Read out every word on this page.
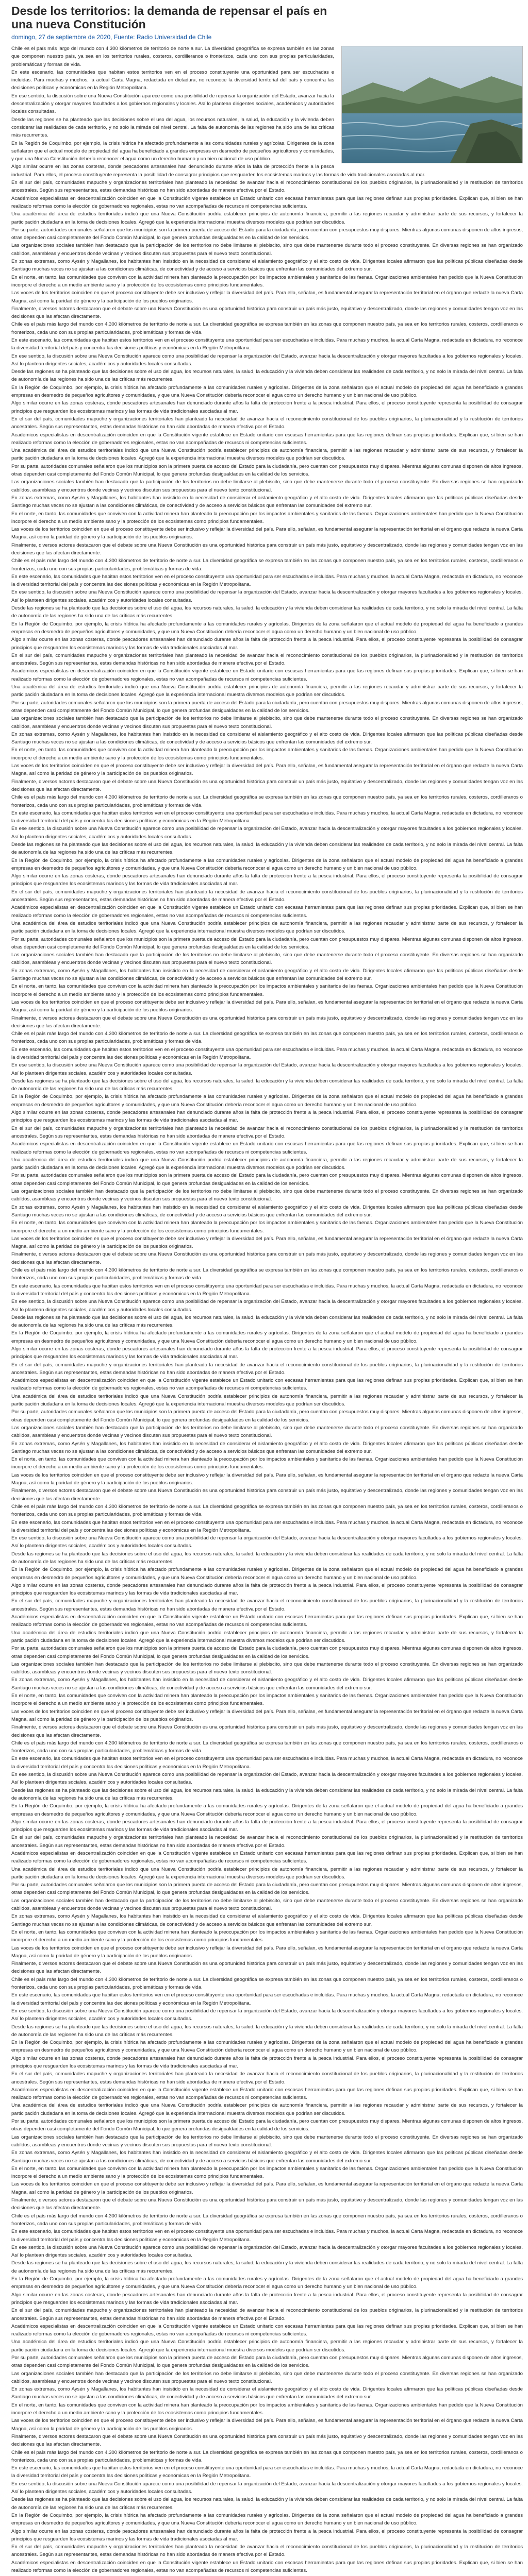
Desde los territorios: la demanda de repensar el país en una nueva Constitución
domingo, 27 de septiembre de 2020, Fuente: Radio Universidad de Chile

Chile es el país más largo del mundo con 4.300 kilómetros de territorio de norte a sur. La diversidad geográfica se expresa también en las zonas que componen nuestro país, ya sea en los territorios rurales, costeros, cordilleranos o fronterizos, cada uno con sus propias particularidades, problemáticas y formas de vida.

En este escenario, las comunidades que habitan estos territorios ven en el proceso constituyente una oportunidad para ser escuchadas e incluidas. Para muchas y muchos, la actual Carta Magna, redactada en dictadura, no reconoce la diversidad territorial del país y concentra las decisiones políticas y económicas en la Región Metropolitana.

En ese sentido, la discusión sobre una Nueva Constitución aparece como una posibilidad de repensar la organización del Estado, avanzar hacia la descentralización y otorgar mayores facultades a los gobiernos regionales y locales. Así lo plantean dirigentes sociales, académicos y autoridades locales consultadas.

Desde las regiones se ha planteado que las decisiones sobre el uso del agua, los recursos naturales, la salud, la educación y la vivienda deben considerar las realidades de cada territorio, y no solo la mirada del nivel central. La falta de autonomía de las regiones ha sido una de las críticas más recurrentes.

En la Región de Coquimbo, por ejemplo, la crisis hídrica ha afectado profundamente a las comunidades rurales y agrícolas. Dirigentes de la zona señalaron que el actual modelo de propiedad del agua ha beneficiado a grandes empresas en desmedro de pequeños agricultores y comunidades, y que una Nueva Constitución debería reconocer el agua como un derecho humano y un bien nacional de uso público.

Algo similar ocurre en las zonas costeras, donde pescadores artesanales han denunciado durante años la falta de protección frente a la pesca industrial. Para ellos, el proceso constituyente representa la posibilidad de consagrar principios que resguarden los ecosistemas marinos y las formas de vida tradicionales asociadas al mar.

En el sur del país, comunidades mapuche y organizaciones territoriales han planteado la necesidad de avanzar hacia el reconocimiento constitucional de los pueblos originarios, la plurinacionalidad y la restitución de territorios ancestrales. Según sus representantes, estas demandas históricas no han sido abordadas de manera efectiva por el Estado.

Académicos especialistas en descentralización coinciden en que la Constitución vigente establece un Estado unitario con escasas herramientas para que las regiones definan sus propias prioridades. Explican que, si bien se han realizado reformas como la elección de gobernadores regionales, estas no van acompañadas de recursos ni competencias suficientes.

Una académica del área de estudios territoriales indicó que una Nueva Constitución podría establecer principios de autonomía financiera, permitir a las regiones recaudar y administrar parte de sus recursos, y fortalecer la participación ciudadana en la toma de decisiones locales. Agregó que la experiencia internacional muestra diversos modelos que podrían ser discutidos.

Por su parte, autoridades comunales señalaron que los municipios son la primera puerta de acceso del Estado para la ciudadanía, pero cuentan con presupuestos muy dispares. Mientras algunas comunas disponen de altos ingresos, otras dependen casi completamente del Fondo Común Municipal, lo que genera profundas desigualdades en la calidad de los servicios.

Las organizaciones sociales también han destacado que la participación de los territorios no debe limitarse al plebiscito, sino que debe mantenerse durante todo el proceso constituyente. En diversas regiones se han organizado cabildos, asambleas y encuentros donde vecinas y vecinos discuten sus propuestas para el nuevo texto constitucional.

En zonas extremas, como Aysén y Magallanes, los habitantes han insistido en la necesidad de considerar el aislamiento geográfico y el alto costo de vida. Dirigentes locales afirmaron que las políticas públicas diseñadas desde Santiago muchas veces no se ajustan a las condiciones climáticas, de conectividad y de acceso a servicios básicos que enfrentan las comunidades del extremo sur.

En el norte, en tanto, las comunidades que conviven con la actividad minera han planteado la preocupación por los impactos ambientales y sanitarios de las faenas. Organizaciones ambientales han pedido que la Nueva Constitución incorpore el derecho a un medio ambiente sano y la protección de los ecosistemas como principios fundamentales.

Las voces de los territorios coinciden en que el proceso constituyente debe ser inclusivo y reflejar la diversidad del país. Para ello, señalan, es fundamental asegurar la representación territorial en el órgano que redacte la nueva Carta Magna, así como la paridad de género y la participación de los pueblos originarios.

Finalmente, diversos actores destacaron que el debate sobre una Nueva Constitución es una oportunidad histórica para construir un país más justo, equitativo y descentralizado, donde las regiones y comunidades tengan voz en las decisiones que las afectan directamente.

Chile es el país más largo del mundo con 4.300 kilómetros de territorio de norte a sur. La diversidad geográfica se expresa también en las zonas que componen nuestro país, ya sea en los territorios rurales, costeros, cordilleranos o fronterizos, cada uno con sus propias particularidades, problemáticas y formas de vida.

En este escenario, las comunidades que habitan estos territorios ven en el proceso constituyente una oportunidad para ser escuchadas e incluidas. Para muchas y muchos, la actual Carta Magna, redactada en dictadura, no reconoce la diversidad territorial del país y concentra las decisiones políticas y económicas en la Región Metropolitana.

En ese sentido, la discusión sobre una Nueva Constitución aparece como una posibilidad de repensar la organización del Estado, avanzar hacia la descentralización y otorgar mayores facultades a los gobiernos regionales y locales. Así lo plantean dirigentes sociales, académicos y autoridades locales consultadas.

Desde las regiones se ha planteado que las decisiones sobre el uso del agua, los recursos naturales, la salud, la educación y la vivienda deben considerar las realidades de cada territorio, y no solo la mirada del nivel central. La falta de autonomía de las regiones ha sido una de las críticas más recurrentes.

En la Región de Coquimbo, por ejemplo, la crisis hídrica ha afectado profundamente a las comunidades rurales y agrícolas. Dirigentes de la zona señalaron que el actual modelo de propiedad del agua ha beneficiado a grandes empresas en desmedro de pequeños agricultores y comunidades, y que una Nueva Constitución debería reconocer el agua como un derecho humano y un bien nacional de uso público.

Algo similar ocurre en las zonas costeras, donde pescadores artesanales han denunciado durante años la falta de protección frente a la pesca industrial. Para ellos, el proceso constituyente representa la posibilidad de consagrar principios que resguarden los ecosistemas marinos y las formas de vida tradicionales asociadas al mar.

En el sur del país, comunidades mapuche y organizaciones territoriales han planteado la necesidad de avanzar hacia el reconocimiento constitucional de los pueblos originarios, la plurinacionalidad y la restitución de territorios ancestrales. Según sus representantes, estas demandas históricas no han sido abordadas de manera efectiva por el Estado.

Académicos especialistas en descentralización coinciden en que la Constitución vigente establece un Estado unitario con escasas herramientas para que las regiones definan sus propias prioridades. Explican que, si bien se han realizado reformas como la elección de gobernadores regionales, estas no van acompañadas de recursos ni competencias suficientes.

Una académica del área de estudios territoriales indicó que una Nueva Constitución podría establecer principios de autonomía financiera, permitir a las regiones recaudar y administrar parte de sus recursos, y fortalecer la participación ciudadana en la toma de decisiones locales. Agregó que la experiencia internacional muestra diversos modelos que podrían ser discutidos.

Por su parte, autoridades comunales señalaron que los municipios son la primera puerta de acceso del Estado para la ciudadanía, pero cuentan con presupuestos muy dispares. Mientras algunas comunas disponen de altos ingresos, otras dependen casi completamente del Fondo Común Municipal, lo que genera profundas desigualdades en la calidad de los servicios.

Las organizaciones sociales también han destacado que la participación de los territorios no debe limitarse al plebiscito, sino que debe mantenerse durante todo el proceso constituyente. En diversas regiones se han organizado cabildos, asambleas y encuentros donde vecinas y vecinos discuten sus propuestas para el nuevo texto constitucional.

En zonas extremas, como Aysén y Magallanes, los habitantes han insistido en la necesidad de considerar el aislamiento geográfico y el alto costo de vida. Dirigentes locales afirmaron que las políticas públicas diseñadas desde Santiago muchas veces no se ajustan a las condiciones climáticas, de conectividad y de acceso a servicios básicos que enfrentan las comunidades del extremo sur.

En el norte, en tanto, las comunidades que conviven con la actividad minera han planteado la preocupación por los impactos ambientales y sanitarios de las faenas. Organizaciones ambientales han pedido que la Nueva Constitución incorpore el derecho a un medio ambiente sano y la protección de los ecosistemas como principios fundamentales.

Las voces de los territorios coinciden en que el proceso constituyente debe ser inclusivo y reflejar la diversidad del país. Para ello, señalan, es fundamental asegurar la representación territorial en el órgano que redacte la nueva Carta Magna, así como la paridad de género y la participación de los pueblos originarios.

Finalmente, diversos actores destacaron que el debate sobre una Nueva Constitución es una oportunidad histórica para construir un país más justo, equitativo y descentralizado, donde las regiones y comunidades tengan voz en las decisiones que las afectan directamente.

Chile es el país más largo del mundo con 4.300 kilómetros de territorio de norte a sur. La diversidad geográfica se expresa también en las zonas que componen nuestro país, ya sea en los territorios rurales, costeros, cordilleranos o fronterizos, cada uno con sus propias particularidades, problemáticas y formas de vida.

En este escenario, las comunidades que habitan estos territorios ven en el proceso constituyente una oportunidad para ser escuchadas e incluidas. Para muchas y muchos, la actual Carta Magna, redactada en dictadura, no reconoce la diversidad territorial del país y concentra las decisiones políticas y económicas en la Región Metropolitana.

En ese sentido, la discusión sobre una Nueva Constitución aparece como una posibilidad de repensar la organización del Estado, avanzar hacia la descentralización y otorgar mayores facultades a los gobiernos regionales y locales. Así lo plantean dirigentes sociales, académicos y autoridades locales consultadas.

Desde las regiones se ha planteado que las decisiones sobre el uso del agua, los recursos naturales, la salud, la educación y la vivienda deben considerar las realidades de cada territorio, y no solo la mirada del nivel central. La falta de autonomía de las regiones ha sido una de las críticas más recurrentes.

En la Región de Coquimbo, por ejemplo, la crisis hídrica ha afectado profundamente a las comunidades rurales y agrícolas. Dirigentes de la zona señalaron que el actual modelo de propiedad del agua ha beneficiado a grandes empresas en desmedro de pequeños agricultores y comunidades, y que una Nueva Constitución debería reconocer el agua como un derecho humano y un bien nacional de uso público.

Algo similar ocurre en las zonas costeras, donde pescadores artesanales han denunciado durante años la falta de protección frente a la pesca industrial. Para ellos, el proceso constituyente representa la posibilidad de consagrar principios que resguarden los ecosistemas marinos y las formas de vida tradicionales asociadas al mar.

En el sur del país, comunidades mapuche y organizaciones territoriales han planteado la necesidad de avanzar hacia el reconocimiento constitucional de los pueblos originarios, la plurinacionalidad y la restitución de territorios ancestrales. Según sus representantes, estas demandas históricas no han sido abordadas de manera efectiva por el Estado.

Académicos especialistas en descentralización coinciden en que la Constitución vigente establece un Estado unitario con escasas herramientas para que las regiones definan sus propias prioridades. Explican que, si bien se han realizado reformas como la elección de gobernadores regionales, estas no van acompañadas de recursos ni competencias suficientes.

Una académica del área de estudios territoriales indicó que una Nueva Constitución podría establecer principios de autonomía financiera, permitir a las regiones recaudar y administrar parte de sus recursos, y fortalecer la participación ciudadana en la toma de decisiones locales. Agregó que la experiencia internacional muestra diversos modelos que podrían ser discutidos.

Por su parte, autoridades comunales señalaron que los municipios son la primera puerta de acceso del Estado para la ciudadanía, pero cuentan con presupuestos muy dispares. Mientras algunas comunas disponen de altos ingresos, otras dependen casi completamente del Fondo Común Municipal, lo que genera profundas desigualdades en la calidad de los servicios.

Las organizaciones sociales también han destacado que la participación de los territorios no debe limitarse al plebiscito, sino que debe mantenerse durante todo el proceso constituyente. En diversas regiones se han organizado cabildos, asambleas y encuentros donde vecinas y vecinos discuten sus propuestas para el nuevo texto constitucional.

En zonas extremas, como Aysén y Magallanes, los habitantes han insistido en la necesidad de considerar el aislamiento geográfico y el alto costo de vida. Dirigentes locales afirmaron que las políticas públicas diseñadas desde Santiago muchas veces no se ajustan a las condiciones climáticas, de conectividad y de acceso a servicios básicos que enfrentan las comunidades del extremo sur.

En el norte, en tanto, las comunidades que conviven con la actividad minera han planteado la preocupación por los impactos ambientales y sanitarios de las faenas. Organizaciones ambientales han pedido que la Nueva Constitución incorpore el derecho a un medio ambiente sano y la protección de los ecosistemas como principios fundamentales.

Las voces de los territorios coinciden en que el proceso constituyente debe ser inclusivo y reflejar la diversidad del país. Para ello, señalan, es fundamental asegurar la representación territorial en el órgano que redacte la nueva Carta Magna, así como la paridad de género y la participación de los pueblos originarios.

Finalmente, diversos actores destacaron que el debate sobre una Nueva Constitución es una oportunidad histórica para construir un país más justo, equitativo y descentralizado, donde las regiones y comunidades tengan voz en las decisiones que las afectan directamente.

Chile es el país más largo del mundo con 4.300 kilómetros de territorio de norte a sur. La diversidad geográfica se expresa también en las zonas que componen nuestro país, ya sea en los territorios rurales, costeros, cordilleranos o fronterizos, cada uno con sus propias particularidades, problemáticas y formas de vida.

En este escenario, las comunidades que habitan estos territorios ven en el proceso constituyente una oportunidad para ser escuchadas e incluidas. Para muchas y muchos, la actual Carta Magna, redactada en dictadura, no reconoce la diversidad territorial del país y concentra las decisiones políticas y económicas en la Región Metropolitana.

En ese sentido, la discusión sobre una Nueva Constitución aparece como una posibilidad de repensar la organización del Estado, avanzar hacia la descentralización y otorgar mayores facultades a los gobiernos regionales y locales. Así lo plantean dirigentes sociales, académicos y autoridades locales consultadas.

Desde las regiones se ha planteado que las decisiones sobre el uso del agua, los recursos naturales, la salud, la educación y la vivienda deben considerar las realidades de cada territorio, y no solo la mirada del nivel central. La falta de autonomía de las regiones ha sido una de las críticas más recurrentes.

En la Región de Coquimbo, por ejemplo, la crisis hídrica ha afectado profundamente a las comunidades rurales y agrícolas. Dirigentes de la zona señalaron que el actual modelo de propiedad del agua ha beneficiado a grandes empresas en desmedro de pequeños agricultores y comunidades, y que una Nueva Constitución debería reconocer el agua como un derecho humano y un bien nacional de uso público.

Algo similar ocurre en las zonas costeras, donde pescadores artesanales han denunciado durante años la falta de protección frente a la pesca industrial. Para ellos, el proceso constituyente representa la posibilidad de consagrar principios que resguarden los ecosistemas marinos y las formas de vida tradicionales asociadas al mar.

En el sur del país, comunidades mapuche y organizaciones territoriales han planteado la necesidad de avanzar hacia el reconocimiento constitucional de los pueblos originarios, la plurinacionalidad y la restitución de territorios ancestrales. Según sus representantes, estas demandas históricas no han sido abordadas de manera efectiva por el Estado.

Académicos especialistas en descentralización coinciden en que la Constitución vigente establece un Estado unitario con escasas herramientas para que las regiones definan sus propias prioridades. Explican que, si bien se han realizado reformas como la elección de gobernadores regionales, estas no van acompañadas de recursos ni competencias suficientes.

Una académica del área de estudios territoriales indicó que una Nueva Constitución podría establecer principios de autonomía financiera, permitir a las regiones recaudar y administrar parte de sus recursos, y fortalecer la participación ciudadana en la toma de decisiones locales. Agregó que la experiencia internacional muestra diversos modelos que podrían ser discutidos.

Por su parte, autoridades comunales señalaron que los municipios son la primera puerta de acceso del Estado para la ciudadanía, pero cuentan con presupuestos muy dispares. Mientras algunas comunas disponen de altos ingresos, otras dependen casi completamente del Fondo Común Municipal, lo que genera profundas desigualdades en la calidad de los servicios.

Las organizaciones sociales también han destacado que la participación de los territorios no debe limitarse al plebiscito, sino que debe mantenerse durante todo el proceso constituyente. En diversas regiones se han organizado cabildos, asambleas y encuentros donde vecinas y vecinos discuten sus propuestas para el nuevo texto constitucional.

En zonas extremas, como Aysén y Magallanes, los habitantes han insistido en la necesidad de considerar el aislamiento geográfico y el alto costo de vida. Dirigentes locales afirmaron que las políticas públicas diseñadas desde Santiago muchas veces no se ajustan a las condiciones climáticas, de conectividad y de acceso a servicios básicos que enfrentan las comunidades del extremo sur.

En el norte, en tanto, las comunidades que conviven con la actividad minera han planteado la preocupación por los impactos ambientales y sanitarios de las faenas. Organizaciones ambientales han pedido que la Nueva Constitución incorpore el derecho a un medio ambiente sano y la protección de los ecosistemas como principios fundamentales.

Las voces de los territorios coinciden en que el proceso constituyente debe ser inclusivo y reflejar la diversidad del país. Para ello, señalan, es fundamental asegurar la representación territorial en el órgano que redacte la nueva Carta Magna, así como la paridad de género y la participación de los pueblos originarios.

Finalmente, diversos actores destacaron que el debate sobre una Nueva Constitución es una oportunidad histórica para construir un país más justo, equitativo y descentralizado, donde las regiones y comunidades tengan voz en las decisiones que las afectan directamente.

Chile es el país más largo del mundo con 4.300 kilómetros de territorio de norte a sur. La diversidad geográfica se expresa también en las zonas que componen nuestro país, ya sea en los territorios rurales, costeros, cordilleranos o fronterizos, cada uno con sus propias particularidades, problemáticas y formas de vida.

En este escenario, las comunidades que habitan estos territorios ven en el proceso constituyente una oportunidad para ser escuchadas e incluidas. Para muchas y muchos, la actual Carta Magna, redactada en dictadura, no reconoce la diversidad territorial del país y concentra las decisiones políticas y económicas en la Región Metropolitana.

En ese sentido, la discusión sobre una Nueva Constitución aparece como una posibilidad de repensar la organización del Estado, avanzar hacia la descentralización y otorgar mayores facultades a los gobiernos regionales y locales. Así lo plantean dirigentes sociales, académicos y autoridades locales consultadas.

Desde las regiones se ha planteado que las decisiones sobre el uso del agua, los recursos naturales, la salud, la educación y la vivienda deben considerar las realidades de cada territorio, y no solo la mirada del nivel central. La falta de autonomía de las regiones ha sido una de las críticas más recurrentes.

En la Región de Coquimbo, por ejemplo, la crisis hídrica ha afectado profundamente a las comunidades rurales y agrícolas. Dirigentes de la zona señalaron que el actual modelo de propiedad del agua ha beneficiado a grandes empresas en desmedro de pequeños agricultores y comunidades, y que una Nueva Constitución debería reconocer el agua como un derecho humano y un bien nacional de uso público.

Algo similar ocurre en las zonas costeras, donde pescadores artesanales han denunciado durante años la falta de protección frente a la pesca industrial. Para ellos, el proceso constituyente representa la posibilidad de consagrar principios que resguarden los ecosistemas marinos y las formas de vida tradicionales asociadas al mar.

En el sur del país, comunidades mapuche y organizaciones territoriales han planteado la necesidad de avanzar hacia el reconocimiento constitucional de los pueblos originarios, la plurinacionalidad y la restitución de territorios ancestrales. Según sus representantes, estas demandas históricas no han sido abordadas de manera efectiva por el Estado.

Académicos especialistas en descentralización coinciden en que la Constitución vigente establece un Estado unitario con escasas herramientas para que las regiones definan sus propias prioridades. Explican que, si bien se han realizado reformas como la elección de gobernadores regionales, estas no van acompañadas de recursos ni competencias suficientes.

Una académica del área de estudios territoriales indicó que una Nueva Constitución podría establecer principios de autonomía financiera, permitir a las regiones recaudar y administrar parte de sus recursos, y fortalecer la participación ciudadana en la toma de decisiones locales. Agregó que la experiencia internacional muestra diversos modelos que podrían ser discutidos.

Por su parte, autoridades comunales señalaron que los municipios son la primera puerta de acceso del Estado para la ciudadanía, pero cuentan con presupuestos muy dispares. Mientras algunas comunas disponen de altos ingresos, otras dependen casi completamente del Fondo Común Municipal, lo que genera profundas desigualdades en la calidad de los servicios.

Las organizaciones sociales también han destacado que la participación de los territorios no debe limitarse al plebiscito, sino que debe mantenerse durante todo el proceso constituyente. En diversas regiones se han organizado cabildos, asambleas y encuentros donde vecinas y vecinos discuten sus propuestas para el nuevo texto constitucional.

En zonas extremas, como Aysén y Magallanes, los habitantes han insistido en la necesidad de considerar el aislamiento geográfico y el alto costo de vida. Dirigentes locales afirmaron que las políticas públicas diseñadas desde Santiago muchas veces no se ajustan a las condiciones climáticas, de conectividad y de acceso a servicios básicos que enfrentan las comunidades del extremo sur.

En el norte, en tanto, las comunidades que conviven con la actividad minera han planteado la preocupación por los impactos ambientales y sanitarios de las faenas. Organizaciones ambientales han pedido que la Nueva Constitución incorpore el derecho a un medio ambiente sano y la protección de los ecosistemas como principios fundamentales.

Las voces de los territorios coinciden en que el proceso constituyente debe ser inclusivo y reflejar la diversidad del país. Para ello, señalan, es fundamental asegurar la representación territorial en el órgano que redacte la nueva Carta Magna, así como la paridad de género y la participación de los pueblos originarios.

Finalmente, diversos actores destacaron que el debate sobre una Nueva Constitución es una oportunidad histórica para construir un país más justo, equitativo y descentralizado, donde las regiones y comunidades tengan voz en las decisiones que las afectan directamente.

Chile es el país más largo del mundo con 4.300 kilómetros de territorio de norte a sur. La diversidad geográfica se expresa también en las zonas que componen nuestro país, ya sea en los territorios rurales, costeros, cordilleranos o fronterizos, cada uno con sus propias particularidades, problemáticas y formas de vida.

En este escenario, las comunidades que habitan estos territorios ven en el proceso constituyente una oportunidad para ser escuchadas e incluidas. Para muchas y muchos, la actual Carta Magna, redactada en dictadura, no reconoce la diversidad territorial del país y concentra las decisiones políticas y económicas en la Región Metropolitana.

En ese sentido, la discusión sobre una Nueva Constitución aparece como una posibilidad de repensar la organización del Estado, avanzar hacia la descentralización y otorgar mayores facultades a los gobiernos regionales y locales. Así lo plantean dirigentes sociales, académicos y autoridades locales consultadas.

Desde las regiones se ha planteado que las decisiones sobre el uso del agua, los recursos naturales, la salud, la educación y la vivienda deben considerar las realidades de cada territorio, y no solo la mirada del nivel central. La falta de autonomía de las regiones ha sido una de las críticas más recurrentes.

En la Región de Coquimbo, por ejemplo, la crisis hídrica ha afectado profundamente a las comunidades rurales y agrícolas. Dirigentes de la zona señalaron que el actual modelo de propiedad del agua ha beneficiado a grandes empresas en desmedro de pequeños agricultores y comunidades, y que una Nueva Constitución debería reconocer el agua como un derecho humano y un bien nacional de uso público.

Algo similar ocurre en las zonas costeras, donde pescadores artesanales han denunciado durante años la falta de protección frente a la pesca industrial. Para ellos, el proceso constituyente representa la posibilidad de consagrar principios que resguarden los ecosistemas marinos y las formas de vida tradicionales asociadas al mar.

En el sur del país, comunidades mapuche y organizaciones territoriales han planteado la necesidad de avanzar hacia el reconocimiento constitucional de los pueblos originarios, la plurinacionalidad y la restitución de territorios ancestrales. Según sus representantes, estas demandas históricas no han sido abordadas de manera efectiva por el Estado.

Académicos especialistas en descentralización coinciden en que la Constitución vigente establece un Estado unitario con escasas herramientas para que las regiones definan sus propias prioridades. Explican que, si bien se han realizado reformas como la elección de gobernadores regionales, estas no van acompañadas de recursos ni competencias suficientes.

Una académica del área de estudios territoriales indicó que una Nueva Constitución podría establecer principios de autonomía financiera, permitir a las regiones recaudar y administrar parte de sus recursos, y fortalecer la participación ciudadana en la toma de decisiones locales. Agregó que la experiencia internacional muestra diversos modelos que podrían ser discutidos.

Por su parte, autoridades comunales señalaron que los municipios son la primera puerta de acceso del Estado para la ciudadanía, pero cuentan con presupuestos muy dispares. Mientras algunas comunas disponen de altos ingresos, otras dependen casi completamente del Fondo Común Municipal, lo que genera profundas desigualdades en la calidad de los servicios.

Las organizaciones sociales también han destacado que la participación de los territorios no debe limitarse al plebiscito, sino que debe mantenerse durante todo el proceso constituyente. En diversas regiones se han organizado cabildos, asambleas y encuentros donde vecinas y vecinos discuten sus propuestas para el nuevo texto constitucional.

En zonas extremas, como Aysén y Magallanes, los habitantes han insistido en la necesidad de considerar el aislamiento geográfico y el alto costo de vida. Dirigentes locales afirmaron que las políticas públicas diseñadas desde Santiago muchas veces no se ajustan a las condiciones climáticas, de conectividad y de acceso a servicios básicos que enfrentan las comunidades del extremo sur.

En el norte, en tanto, las comunidades que conviven con la actividad minera han planteado la preocupación por los impactos ambientales y sanitarios de las faenas. Organizaciones ambientales han pedido que la Nueva Constitución incorpore el derecho a un medio ambiente sano y la protección de los ecosistemas como principios fundamentales.

Las voces de los territorios coinciden en que el proceso constituyente debe ser inclusivo y reflejar la diversidad del país. Para ello, señalan, es fundamental asegurar la representación territorial en el órgano que redacte la nueva Carta Magna, así como la paridad de género y la participación de los pueblos originarios.

Finalmente, diversos actores destacaron que el debate sobre una Nueva Constitución es una oportunidad histórica para construir un país más justo, equitativo y descentralizado, donde las regiones y comunidades tengan voz en las decisiones que las afectan directamente.

Chile es el país más largo del mundo con 4.300 kilómetros de territorio de norte a sur. La diversidad geográfica se expresa también en las zonas que componen nuestro país, ya sea en los territorios rurales, costeros, cordilleranos o fronterizos, cada uno con sus propias particularidades, problemáticas y formas de vida.

En este escenario, las comunidades que habitan estos territorios ven en el proceso constituyente una oportunidad para ser escuchadas e incluidas. Para muchas y muchos, la actual Carta Magna, redactada en dictadura, no reconoce la diversidad territorial del país y concentra las decisiones políticas y económicas en la Región Metropolitana.

En ese sentido, la discusión sobre una Nueva Constitución aparece como una posibilidad de repensar la organización del Estado, avanzar hacia la descentralización y otorgar mayores facultades a los gobiernos regionales y locales. Así lo plantean dirigentes sociales, académicos y autoridades locales consultadas.

Desde las regiones se ha planteado que las decisiones sobre el uso del agua, los recursos naturales, la salud, la educación y la vivienda deben considerar las realidades de cada territorio, y no solo la mirada del nivel central. La falta de autonomía de las regiones ha sido una de las críticas más recurrentes.

En la Región de Coquimbo, por ejemplo, la crisis hídrica ha afectado profundamente a las comunidades rurales y agrícolas. Dirigentes de la zona señalaron que el actual modelo de propiedad del agua ha beneficiado a grandes empresas en desmedro de pequeños agricultores y comunidades, y que una Nueva Constitución debería reconocer el agua como un derecho humano y un bien nacional de uso público.

Algo similar ocurre en las zonas costeras, donde pescadores artesanales han denunciado durante años la falta de protección frente a la pesca industrial. Para ellos, el proceso constituyente representa la posibilidad de consagrar principios que resguarden los ecosistemas marinos y las formas de vida tradicionales asociadas al mar.

En el sur del país, comunidades mapuche y organizaciones territoriales han planteado la necesidad de avanzar hacia el reconocimiento constitucional de los pueblos originarios, la plurinacionalidad y la restitución de territorios ancestrales. Según sus representantes, estas demandas históricas no han sido abordadas de manera efectiva por el Estado.

Académicos especialistas en descentralización coinciden en que la Constitución vigente establece un Estado unitario con escasas herramientas para que las regiones definan sus propias prioridades. Explican que, si bien se han realizado reformas como la elección de gobernadores regionales, estas no van acompañadas de recursos ni competencias suficientes.

Una académica del área de estudios territoriales indicó que una Nueva Constitución podría establecer principios de autonomía financiera, permitir a las regiones recaudar y administrar parte de sus recursos, y fortalecer la participación ciudadana en la toma de decisiones locales. Agregó que la experiencia internacional muestra diversos modelos que podrían ser discutidos.

Por su parte, autoridades comunales señalaron que los municipios son la primera puerta de acceso del Estado para la ciudadanía, pero cuentan con presupuestos muy dispares. Mientras algunas comunas disponen de altos ingresos, otras dependen casi completamente del Fondo Común Municipal, lo que genera profundas desigualdades en la calidad de los servicios.

Las organizaciones sociales también han destacado que la participación de los territorios no debe limitarse al plebiscito, sino que debe mantenerse durante todo el proceso constituyente. En diversas regiones se han organizado cabildos, asambleas y encuentros donde vecinas y vecinos discuten sus propuestas para el nuevo texto constitucional.

En zonas extremas, como Aysén y Magallanes, los habitantes han insistido en la necesidad de considerar el aislamiento geográfico y el alto costo de vida. Dirigentes locales afirmaron que las políticas públicas diseñadas desde Santiago muchas veces no se ajustan a las condiciones climáticas, de conectividad y de acceso a servicios básicos que enfrentan las comunidades del extremo sur.

En el norte, en tanto, las comunidades que conviven con la actividad minera han planteado la preocupación por los impactos ambientales y sanitarios de las faenas. Organizaciones ambientales han pedido que la Nueva Constitución incorpore el derecho a un medio ambiente sano y la protección de los ecosistemas como principios fundamentales.

Las voces de los territorios coinciden en que el proceso constituyente debe ser inclusivo y reflejar la diversidad del país. Para ello, señalan, es fundamental asegurar la representación territorial en el órgano que redacte la nueva Carta Magna, así como la paridad de género y la participación de los pueblos originarios.

Finalmente, diversos actores destacaron que el debate sobre una Nueva Constitución es una oportunidad histórica para construir un país más justo, equitativo y descentralizado, donde las regiones y comunidades tengan voz en las decisiones que las afectan directamente.

Chile es el país más largo del mundo con 4.300 kilómetros de territorio de norte a sur. La diversidad geográfica se expresa también en las zonas que componen nuestro país, ya sea en los territorios rurales, costeros, cordilleranos o fronterizos, cada uno con sus propias particularidades, problemáticas y formas de vida.

En este escenario, las comunidades que habitan estos territorios ven en el proceso constituyente una oportunidad para ser escuchadas e incluidas. Para muchas y muchos, la actual Carta Magna, redactada en dictadura, no reconoce la diversidad territorial del país y concentra las decisiones políticas y económicas en la Región Metropolitana.

En ese sentido, la discusión sobre una Nueva Constitución aparece como una posibilidad de repensar la organización del Estado, avanzar hacia la descentralización y otorgar mayores facultades a los gobiernos regionales y locales. Así lo plantean dirigentes sociales, académicos y autoridades locales consultadas.

Desde las regiones se ha planteado que las decisiones sobre el uso del agua, los recursos naturales, la salud, la educación y la vivienda deben considerar las realidades de cada territorio, y no solo la mirada del nivel central. La falta de autonomía de las regiones ha sido una de las críticas más recurrentes.

En la Región de Coquimbo, por ejemplo, la crisis hídrica ha afectado profundamente a las comunidades rurales y agrícolas. Dirigentes de la zona señalaron que el actual modelo de propiedad del agua ha beneficiado a grandes empresas en desmedro de pequeños agricultores y comunidades, y que una Nueva Constitución debería reconocer el agua como un derecho humano y un bien nacional de uso público.

Algo similar ocurre en las zonas costeras, donde pescadores artesanales han denunciado durante años la falta de protección frente a la pesca industrial. Para ellos, el proceso constituyente representa la posibilidad de consagrar principios que resguarden los ecosistemas marinos y las formas de vida tradicionales asociadas al mar.

En el sur del país, comunidades mapuche y organizaciones territoriales han planteado la necesidad de avanzar hacia el reconocimiento constitucional de los pueblos originarios, la plurinacionalidad y la restitución de territorios ancestrales. Según sus representantes, estas demandas históricas no han sido abordadas de manera efectiva por el Estado.

Académicos especialistas en descentralización coinciden en que la Constitución vigente establece un Estado unitario con escasas herramientas para que las regiones definan sus propias prioridades. Explican que, si bien se han realizado reformas como la elección de gobernadores regionales, estas no van acompañadas de recursos ni competencias suficientes.

Una académica del área de estudios territoriales indicó que una Nueva Constitución podría establecer principios de autonomía financiera, permitir a las regiones recaudar y administrar parte de sus recursos, y fortalecer la participación ciudadana en la toma de decisiones locales. Agregó que la experiencia internacional muestra diversos modelos que podrían ser discutidos.

Por su parte, autoridades comunales señalaron que los municipios son la primera puerta de acceso del Estado para la ciudadanía, pero cuentan con presupuestos muy dispares. Mientras algunas comunas disponen de altos ingresos, otras dependen casi completamente del Fondo Común Municipal, lo que genera profundas desigualdades en la calidad de los servicios.

Las organizaciones sociales también han destacado que la participación de los territorios no debe limitarse al plebiscito, sino que debe mantenerse durante todo el proceso constituyente. En diversas regiones se han organizado cabildos, asambleas y encuentros donde vecinas y vecinos discuten sus propuestas para el nuevo texto constitucional.

En zonas extremas, como Aysén y Magallanes, los habitantes han insistido en la necesidad de considerar el aislamiento geográfico y el alto costo de vida. Dirigentes locales afirmaron que las políticas públicas diseñadas desde Santiago muchas veces no se ajustan a las condiciones climáticas, de conectividad y de acceso a servicios básicos que enfrentan las comunidades del extremo sur.

En el norte, en tanto, las comunidades que conviven con la actividad minera han planteado la preocupación por los impactos ambientales y sanitarios de las faenas. Organizaciones ambientales han pedido que la Nueva Constitución incorpore el derecho a un medio ambiente sano y la protección de los ecosistemas como principios fundamentales.

Las voces de los territorios coinciden en que el proceso constituyente debe ser inclusivo y reflejar la diversidad del país. Para ello, señalan, es fundamental asegurar la representación territorial en el órgano que redacte la nueva Carta Magna, así como la paridad de género y la participación de los pueblos originarios.

Finalmente, diversos actores destacaron que el debate sobre una Nueva Constitución es una oportunidad histórica para construir un país más justo, equitativo y descentralizado, donde las regiones y comunidades tengan voz en las decisiones que las afectan directamente.

Chile es el país más largo del mundo con 4.300 kilómetros de territorio de norte a sur. La diversidad geográfica se expresa también en las zonas que componen nuestro país, ya sea en los territorios rurales, costeros, cordilleranos o fronterizos, cada uno con sus propias particularidades, problemáticas y formas de vida.

En este escenario, las comunidades que habitan estos territorios ven en el proceso constituyente una oportunidad para ser escuchadas e incluidas. Para muchas y muchos, la actual Carta Magna, redactada en dictadura, no reconoce la diversidad territorial del país y concentra las decisiones políticas y económicas en la Región Metropolitana.

En ese sentido, la discusión sobre una Nueva Constitución aparece como una posibilidad de repensar la organización del Estado, avanzar hacia la descentralización y otorgar mayores facultades a los gobiernos regionales y locales. Así lo plantean dirigentes sociales, académicos y autoridades locales consultadas.

Desde las regiones se ha planteado que las decisiones sobre el uso del agua, los recursos naturales, la salud, la educación y la vivienda deben considerar las realidades de cada territorio, y no solo la mirada del nivel central. La falta de autonomía de las regiones ha sido una de las críticas más recurrentes.

En la Región de Coquimbo, por ejemplo, la crisis hídrica ha afectado profundamente a las comunidades rurales y agrícolas. Dirigentes de la zona señalaron que el actual modelo de propiedad del agua ha beneficiado a grandes empresas en desmedro de pequeños agricultores y comunidades, y que una Nueva Constitución debería reconocer el agua como un derecho humano y un bien nacional de uso público.

Algo similar ocurre en las zonas costeras, donde pescadores artesanales han denunciado durante años la falta de protección frente a la pesca industrial. Para ellos, el proceso constituyente representa la posibilidad de consagrar principios que resguarden los ecosistemas marinos y las formas de vida tradicionales asociadas al mar.

En el sur del país, comunidades mapuche y organizaciones territoriales han planteado la necesidad de avanzar hacia el reconocimiento constitucional de los pueblos originarios, la plurinacionalidad y la restitución de territorios ancestrales. Según sus representantes, estas demandas históricas no han sido abordadas de manera efectiva por el Estado.

Académicos especialistas en descentralización coinciden en que la Constitución vigente establece un Estado unitario con escasas herramientas para que las regiones definan sus propias prioridades. Explican que, si bien se han realizado reformas como la elección de gobernadores regionales, estas no van acompañadas de recursos ni competencias suficientes.

Una académica del área de estudios territoriales indicó que una Nueva Constitución podría establecer principios de autonomía financiera, permitir a las regiones recaudar y administrar parte de sus recursos, y fortalecer la participación ciudadana en la toma de decisiones locales. Agregó que la experiencia internacional muestra diversos modelos que podrían ser discutidos.

Por su parte, autoridades comunales señalaron que los municipios son la primera puerta de acceso del Estado para la ciudadanía, pero cuentan con presupuestos muy dispares. Mientras algunas comunas disponen de altos ingresos, otras dependen casi completamente del Fondo Común Municipal, lo que genera profundas desigualdades en la calidad de los servicios.

Las organizaciones sociales también han destacado que la participación de los territorios no debe limitarse al plebiscito, sino que debe mantenerse durante todo el proceso constituyente. En diversas regiones se han organizado cabildos, asambleas y encuentros donde vecinas y vecinos discuten sus propuestas para el nuevo texto constitucional.

En zonas extremas, como Aysén y Magallanes, los habitantes han insistido en la necesidad de considerar el aislamiento geográfico y el alto costo de vida. Dirigentes locales afirmaron que las políticas públicas diseñadas desde Santiago muchas veces no se ajustan a las condiciones climáticas, de conectividad y de acceso a servicios básicos que enfrentan las comunidades del extremo sur.

En el norte, en tanto, las comunidades que conviven con la actividad minera han planteado la preocupación por los impactos ambientales y sanitarios de las faenas. Organizaciones ambientales han pedido que la Nueva Constitución incorpore el derecho a un medio ambiente sano y la protección de los ecosistemas como principios fundamentales.

Las voces de los territorios coinciden en que el proceso constituyente debe ser inclusivo y reflejar la diversidad del país. Para ello, señalan, es fundamental asegurar la representación territorial en el órgano que redacte la nueva Carta Magna, así como la paridad de género y la participación de los pueblos originarios.

Finalmente, diversos actores destacaron que el debate sobre una Nueva Constitución es una oportunidad histórica para construir un país más justo, equitativo y descentralizado, donde las regiones y comunidades tengan voz en las decisiones que las afectan directamente.

Chile es el país más largo del mundo con 4.300 kilómetros de territorio de norte a sur. La diversidad geográfica se expresa también en las zonas que componen nuestro país, ya sea en los territorios rurales, costeros, cordilleranos o fronterizos, cada uno con sus propias particularidades, problemáticas y formas de vida.

En este escenario, las comunidades que habitan estos territorios ven en el proceso constituyente una oportunidad para ser escuchadas e incluidas. Para muchas y muchos, la actual Carta Magna, redactada en dictadura, no reconoce la diversidad territorial del país y concentra las decisiones políticas y económicas en la Región Metropolitana.

En ese sentido, la discusión sobre una Nueva Constitución aparece como una posibilidad de repensar la organización del Estado, avanzar hacia la descentralización y otorgar mayores facultades a los gobiernos regionales y locales. Así lo plantean dirigentes sociales, académicos y autoridades locales consultadas.

Desde las regiones se ha planteado que las decisiones sobre el uso del agua, los recursos naturales, la salud, la educación y la vivienda deben considerar las realidades de cada territorio, y no solo la mirada del nivel central. La falta de autonomía de las regiones ha sido una de las críticas más recurrentes.

En la Región de Coquimbo, por ejemplo, la crisis hídrica ha afectado profundamente a las comunidades rurales y agrícolas. Dirigentes de la zona señalaron que el actual modelo de propiedad del agua ha beneficiado a grandes empresas en desmedro de pequeños agricultores y comunidades, y que una Nueva Constitución debería reconocer el agua como un derecho humano y un bien nacional de uso público.

Algo similar ocurre en las zonas costeras, donde pescadores artesanales han denunciado durante años la falta de protección frente a la pesca industrial. Para ellos, el proceso constituyente representa la posibilidad de consagrar principios que resguarden los ecosistemas marinos y las formas de vida tradicionales asociadas al mar.

En el sur del país, comunidades mapuche y organizaciones territoriales han planteado la necesidad de avanzar hacia el reconocimiento constitucional de los pueblos originarios, la plurinacionalidad y la restitución de territorios ancestrales. Según sus representantes, estas demandas históricas no han sido abordadas de manera efectiva por el Estado.

Académicos especialistas en descentralización coinciden en que la Constitución vigente establece un Estado unitario con escasas herramientas para que las regiones definan sus propias prioridades. Explican que, si bien se han realizado reformas como la elección de gobernadores regionales, estas no van acompañadas de recursos ni competencias suficientes.

Una académica del área de estudios territoriales indicó que una Nueva Constitución podría establecer principios de autonomía financiera, permitir a las regiones recaudar y administrar parte de sus recursos, y fortalecer la participación ciudadana en la toma de decisiones locales. Agregó que la experiencia internacional muestra diversos modelos que podrían ser discutidos.

Por su parte, autoridades comunales señalaron que los municipios son la primera puerta de acceso del Estado para la ciudadanía, pero cuentan con presupuestos muy dispares. Mientras algunas comunas disponen de altos ingresos, otras dependen casi completamente del Fondo Común Municipal, lo que genera profundas desigualdades en la calidad de los servicios.

Las organizaciones sociales también han destacado que la participación de los territorios no debe limitarse al plebiscito, sino que debe mantenerse durante todo el proceso constituyente. En diversas regiones se han organizado cabildos, asambleas y encuentros donde vecinas y vecinos discuten sus propuestas para el nuevo texto constitucional.

En zonas extremas, como Aysén y Magallanes, los habitantes han insistido en la necesidad de considerar el aislamiento geográfico y el alto costo de vida. Dirigentes locales afirmaron que las políticas públicas diseñadas desde Santiago muchas veces no se ajustan a las condiciones climáticas, de conectividad y de acceso a servicios básicos que enfrentan las comunidades del extremo sur.

En el norte, en tanto, las comunidades que conviven con la actividad minera han planteado la preocupación por los impactos ambientales y sanitarios de las faenas. Organizaciones ambientales han pedido que la Nueva Constitución incorpore el derecho a un medio ambiente sano y la protección de los ecosistemas como principios fundamentales.

Las voces de los territorios coinciden en que el proceso constituyente debe ser inclusivo y reflejar la diversidad del país. Para ello, señalan, es fundamental asegurar la representación territorial en el órgano que redacte la nueva Carta Magna, así como la paridad de género y la participación de los pueblos originarios.

Finalmente, diversos actores destacaron que el debate sobre una Nueva Constitución es una oportunidad histórica para construir un país más justo, equitativo y descentralizado, donde las regiones y comunidades tengan voz en las decisiones que las afectan directamente.

Chile es el país más largo del mundo con 4.300 kilómetros de territorio de norte a sur. La diversidad geográfica se expresa también en las zonas que componen nuestro país, ya sea en los territorios rurales, costeros, cordilleranos o fronterizos, cada uno con sus propias particularidades, problemáticas y formas de vida.

En este escenario, las comunidades que habitan estos territorios ven en el proceso constituyente una oportunidad para ser escuchadas e incluidas. Para muchas y muchos, la actual Carta Magna, redactada en dictadura, no reconoce la diversidad territorial del país y concentra las decisiones políticas y económicas en la Región Metropolitana.

En ese sentido, la discusión sobre una Nueva Constitución aparece como una posibilidad de repensar la organización del Estado, avanzar hacia la descentralización y otorgar mayores facultades a los gobiernos regionales y locales. Así lo plantean dirigentes sociales, académicos y autoridades locales consultadas.

Desde las regiones se ha planteado que las decisiones sobre el uso del agua, los recursos naturales, la salud, la educación y la vivienda deben considerar las realidades de cada territorio, y no solo la mirada del nivel central. La falta de autonomía de las regiones ha sido una de las críticas más recurrentes.

En la Región de Coquimbo, por ejemplo, la crisis hídrica ha afectado profundamente a las comunidades rurales y agrícolas. Dirigentes de la zona señalaron que el actual modelo de propiedad del agua ha beneficiado a grandes empresas en desmedro de pequeños agricultores y comunidades, y que una Nueva Constitución debería reconocer el agua como un derecho humano y un bien nacional de uso público.

Algo similar ocurre en las zonas costeras, donde pescadores artesanales han denunciado durante años la falta de protección frente a la pesca industrial. Para ellos, el proceso constituyente representa la posibilidad de consagrar principios que resguarden los ecosistemas marinos y las formas de vida tradicionales asociadas al mar.

En el sur del país, comunidades mapuche y organizaciones territoriales han planteado la necesidad de avanzar hacia el reconocimiento constitucional de los pueblos originarios, la plurinacionalidad y la restitución de territorios ancestrales. Según sus representantes, estas demandas históricas no han sido abordadas de manera efectiva por el Estado.

Académicos especialistas en descentralización coinciden en que la Constitución vigente establece un Estado unitario con escasas herramientas para que las regiones definan sus propias prioridades. Explican que, si bien se han realizado reformas como la elección de gobernadores regionales, estas no van acompañadas de recursos ni competencias suficientes.
